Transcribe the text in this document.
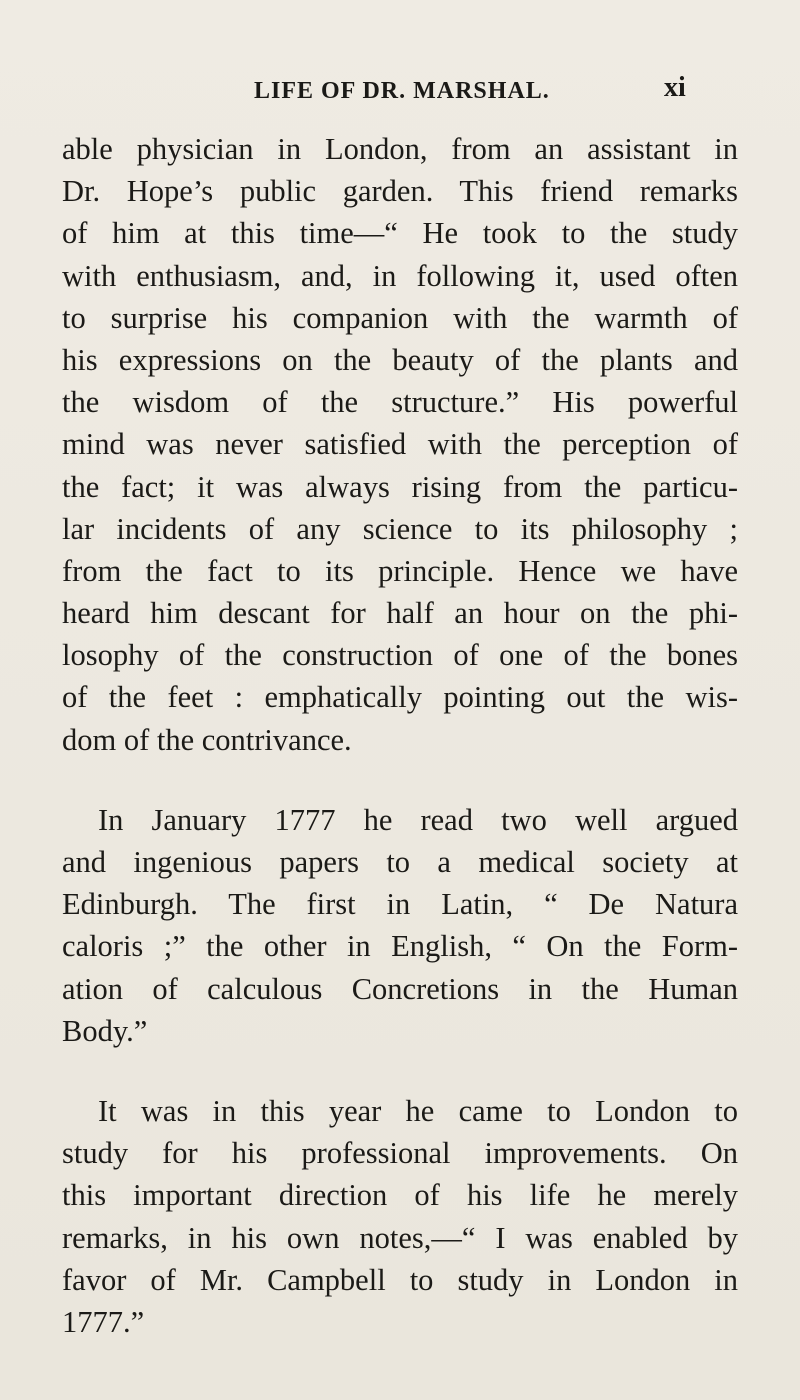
LIFE OF DR. MARSHAL.	xi
able physician in London, from an assistant in
Dr. Hope’s public garden. This friend remarks
of him at this time—“ He took to the study
with enthusiasm, and, in following it, used often
to surprise his companion with the warmth of
his expressions on the beauty of the plants and
the wisdom of the structure.” His powerful
mind was never satisfied with the perception of
the fact; it was always rising from the particu-
lar incidents of any science to its philosophy ;
from the fact to its principle. Hence we have
heard him descant for half an hour on the phi-
losophy of the construction of one of the bones
of the feet : emphatically pointing out the wis-
dom of the contrivance.
In January 1777 he read two well argued
and ingenious papers to a medical society at
Edinburgh. The first in Latin, “ De Natura
caloris ;” the other in English, “ On the Form-
ation of calculous Concretions in the Human
Body.”
It was in this year he came to London to
study for his professional improvements. On
this important direction of his life he merely
remarks, in his own notes,—“ I was enabled by
favor of Mr. Campbell to study in London in
1777.”
